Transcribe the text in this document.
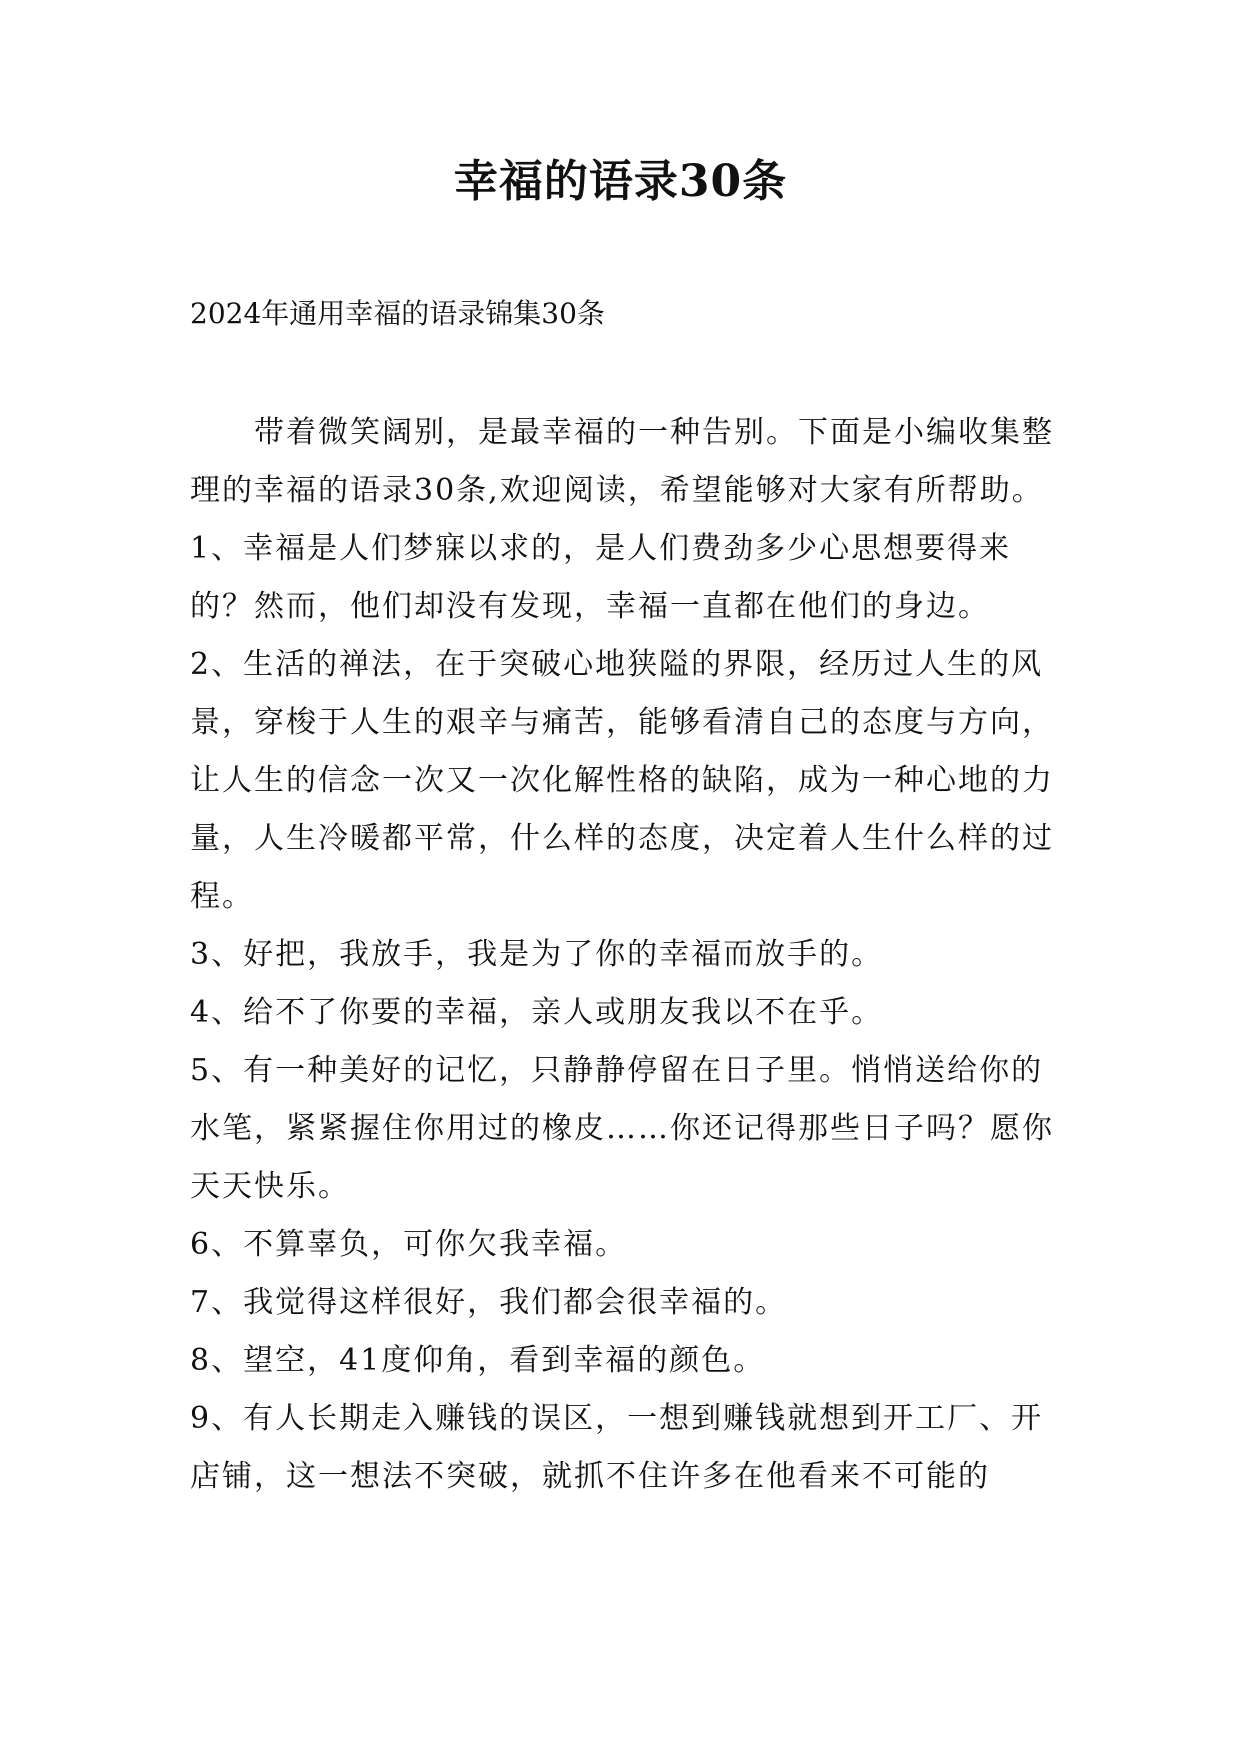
幸福的语录30条

2024年通用幸福的语录锦集30条

带着微笑阔别，是最幸福的一种告别。下面是小编收集整理的幸福的语录30条,欢迎阅读，希望能够对大家有所帮助。

1、幸福是人们梦寐以求的，是人们费劲多少心思想要得来的？然而，他们却没有发现，幸福一直都在他们的身边。

2、生活的禅法，在于突破心地狭隘的界限，经历过人生的风景，穿梭于人生的艰辛与痛苦，能够看清自己的态度与方向，让人生的信念一次又一次化解性格的缺陷，成为一种心地的力量，人生冷暖都平常，什么样的态度，决定着人生什么样的过程。

3、好把，我放手，我是为了你的幸福而放手的。

4、给不了你要的幸福，亲人或朋友我以不在乎。

5、有一种美好的记忆，只静静停留在日子里。悄悄送给你的水笔，紧紧握住你用过的橡皮……你还记得那些日子吗？愿你天天快乐。

6、不算辜负，可你欠我幸福。

7、我觉得这样很好，我们都会很幸福的。

8、望空，41度仰角，看到幸福的颜色。

9、有人长期走入赚钱的误区，一想到赚钱就想到开工厂、开店铺，这一想法不突破，就抓不住许多在他看来不可能的
